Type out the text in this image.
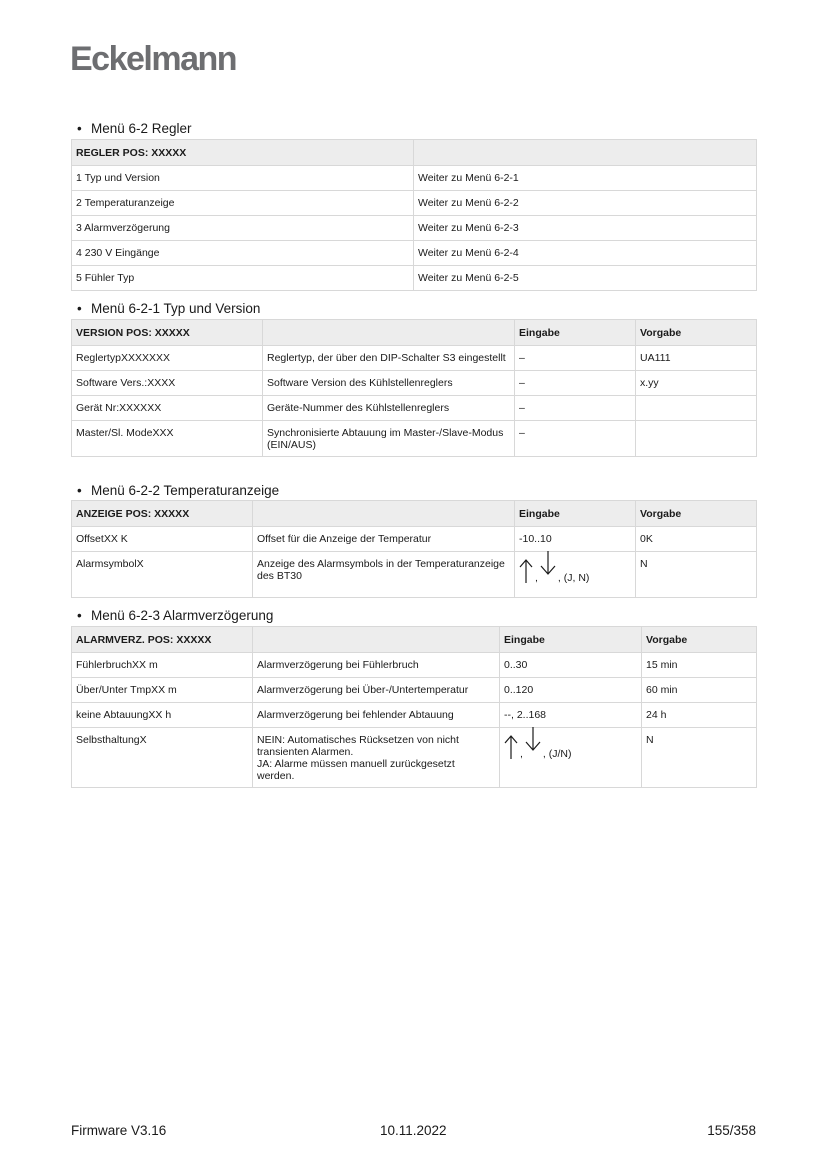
Eckelmann
• Menü 6-2 Regler
REGLER POS: XXXXX	
1 Typ und Version	Weiter zu Menü 6-2-1
2 Temperaturanzeige	Weiter zu Menü 6-2-2
3 Alarmverzögerung	Weiter zu Menü 6-2-3
4 230 V Eingänge	Weiter zu Menü 6-2-4
5 Fühler Typ	Weiter zu Menü 6-2-5
• Menü 6-2-1 Typ und Version
VERSION POS: XXXXX		Eingabe	Vorgabe
ReglertypXXXXXXX	Reglertyp, der über den DIP-Schalter S3 eingestellt	–	UA111
Software Vers.:XXXX	Software Version des Kühlstellenreglers	–	x.yy
Gerät Nr:XXXXXX	Geräte-Nummer des Kühlstellenreglers	–	
Master/Sl. ModeXXX	Synchronisierte Abtauung im Master-/Slave-Modus (EIN/AUS)	–	
• Menü 6-2-2 Temperaturanzeige
ANZEIGE POS: XXXXX		Eingabe	Vorgabe
OffsetXX K	Offset für die Anzeige der Temperatur	-10..10	0K
AlarmsymbolX	Anzeige des Alarmsymbols in der Temperaturanzeige des BT30	, , (J, N)	N
• Menü 6-2-3 Alarmverzögerung
ALARMVERZ. POS: XXXXX		Eingabe	Vorgabe
FühlerbruchXX m	Alarmverzögerung bei Fühlerbruch	0..30	15 min
Über/Unter TmpXX m	Alarmverzögerung bei Über-/Untertemperatur	0..120	60 min
keine AbtauungXX h	Alarmverzögerung bei fehlender Abtauung	--, 2..168	24 h
SelbsthaltungX	NEIN: Automatisches Rücksetzen von nicht transienten Alarmen.
JA: Alarme müssen manuell zurückgesetzt werden.	, , (J/N)	N
Firmware V3.16	10.11.2022	155/358
